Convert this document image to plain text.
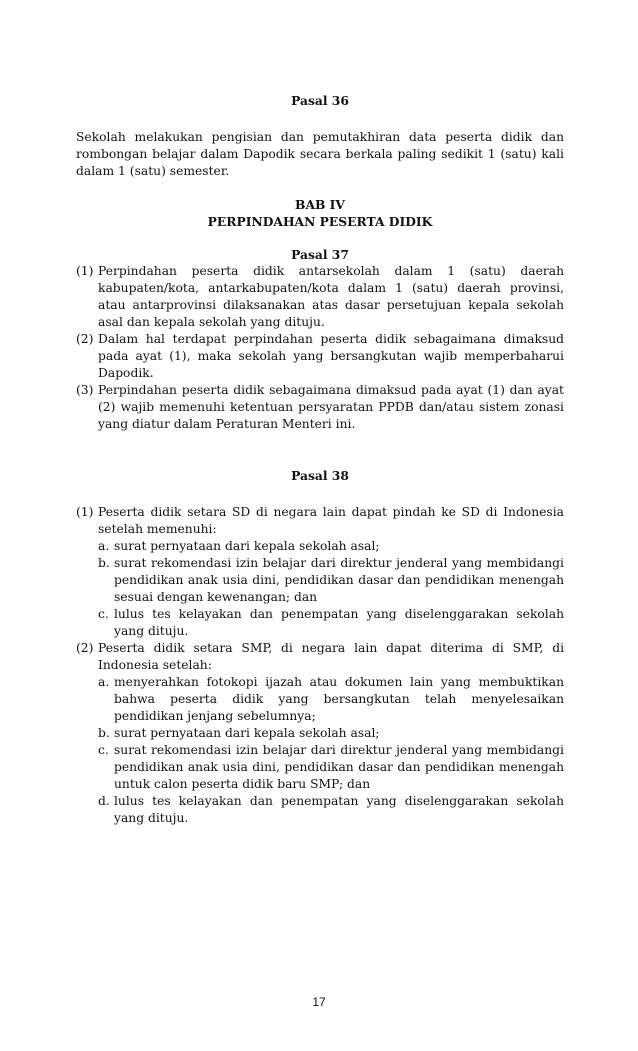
Pasal 36

Sekolah melakukan pengisian dan pemutakhiran data peserta didik dan rombongan belajar dalam Dapodik secara berkala paling sedikit 1 (satu) kali dalam 1 (satu) semester.

BAB IV

PERPINDAHAN PESERTA DIDIK

Pasal 37

(1) Perpindahan peserta didik antarsekolah dalam 1 (satu) daerah kabupaten/kota, antarkabupaten/kota dalam 1 (satu) daerah provinsi, atau antarprovinsi dilaksanakan atas dasar persetujuan kepala sekolah asal dan kepala sekolah yang dituju.
(2) Dalam hal terdapat perpindahan peserta didik sebagaimana dimaksud pada ayat (1), maka sekolah yang bersangkutan wajib memperbaharui Dapodik.
(3) Perpindahan peserta didik sebagaimana dimaksud pada ayat (1) dan ayat (2) wajib memenuhi ketentuan persyaratan PPDB dan/atau sistem zonasi yang diatur dalam Peraturan Menteri ini.

Pasal 38

(1) Peserta didik setara SD di negara lain dapat pindah ke SD di Indonesia setelah memenuhi:
a. surat pernyataan dari kepala sekolah asal;
b. surat rekomendasi izin belajar dari direktur jenderal yang membidangi pendidikan anak usia dini, pendidikan dasar dan pendidikan menengah sesuai dengan kewenangan; dan
c. lulus tes kelayakan dan penempatan yang diselenggarakan sekolah yang dituju.
(2) Peserta didik setara SMP, di negara lain dapat diterima di SMP, di Indonesia setelah:
a. menyerahkan fotokopi ijazah atau dokumen lain yang membuktikan bahwa peserta didik yang bersangkutan telah menyelesaikan pendidikan jenjang sebelumnya;
b. surat pernyataan dari kepala sekolah asal;
c. surat rekomendasi izin belajar dari direktur jenderal yang membidangi pendidikan anak usia dini, pendidikan dasar dan pendidikan menengah untuk calon peserta didik baru SMP; dan
d. lulus tes kelayakan dan penempatan yang diselenggarakan sekolah yang dituju.
17
